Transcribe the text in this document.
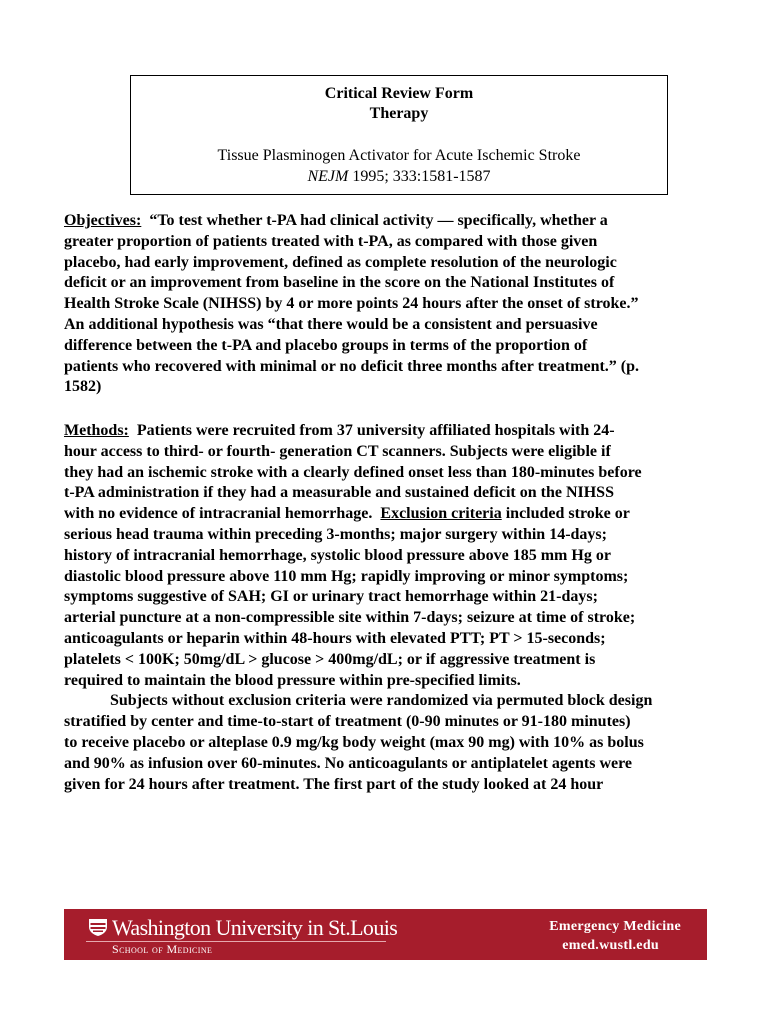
Critical Review Form
Therapy
Tissue Plasminogen Activator for Acute Ischemic Stroke
NEJM 1995; 333:1581-1587
Objectives: “To test whether t-PA had clinical activity — specifically, whether a
greater proportion of patients treated with t-PA, as compared with those given
placebo, had early improvement, defined as complete resolution of the neurologic
deficit or an improvement from baseline in the score on the National Institutes of
Health Stroke Scale (NIHSS) by 4 or more points 24 hours after the onset of stroke.”
An additional hypothesis was “that there would be a consistent and persuasive
difference between the t-PA and placebo groups in terms of the proportion of
patients who recovered with minimal or no deficit three months after treatment.” (p.
1582)
Methods: Patients were recruited from 37 university affiliated hospitals with 24-
hour access to third- or fourth- generation CT scanners. Subjects were eligible if
they had an ischemic stroke with a clearly defined onset less than 180-minutes before
t-PA administration if they had a measurable and sustained deficit on the NIHSS
with no evidence of intracranial hemorrhage.  Exclusion criteria included stroke or
serious head trauma within preceding 3-months; major surgery within 14-days;
history of intracranial hemorrhage, systolic blood pressure above 185 mm Hg or
diastolic blood pressure above 110 mm Hg; rapidly improving or minor symptoms;
symptoms suggestive of SAH; GI or urinary tract hemorrhage within 21-days;
arterial puncture at a non-compressible site within 7-days; seizure at time of stroke;
anticoagulants or heparin within 48-hours with elevated PTT; PT > 15-seconds;
platelets < 100K; 50mg/dL > glucose > 400mg/dL; or if aggressive treatment is
required to maintain the blood pressure within pre-specified limits.
Subjects without exclusion criteria were randomized via permuted block design
stratified by center and time-to-start of treatment (0-90 minutes or 91-180 minutes)
to receive placebo or alteplase 0.9 mg/kg body weight (max 90 mg) with 10% as bolus
and 90% as infusion over 60-minutes. No anticoagulants or antiplatelet agents were
given for 24 hours after treatment. The first part of the study looked at 24 hour
Washington University in St.Louis
School of Medicine
Emergency Medicine
emed.wustl.edu
